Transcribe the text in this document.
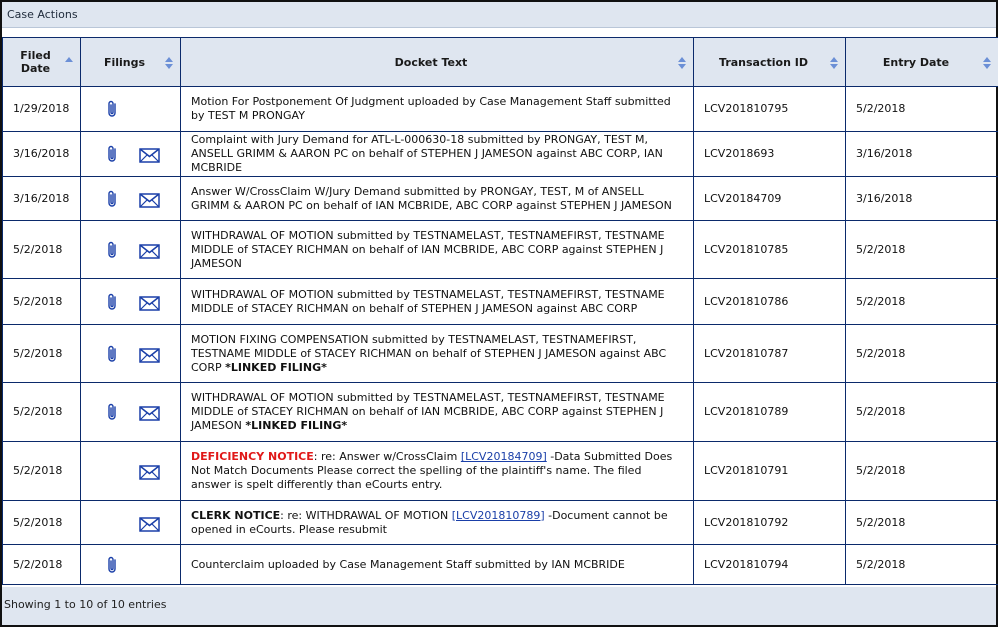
Case Actions
Filed Date	Filings	Docket Text	Transaction ID	Entry Date

1/29/2018		Motion For Postponement Of Judgment uploaded by Case Management Staff submitted by TEST M PRONGAY	LCV201810795	5/2/2018
3/16/2018		Complaint with Jury Demand for ATL-L-000630-18 submitted by PRONGAY, TEST M, ANSELL GRIMM & AARON PC on behalf of STEPHEN J JAMESON against ABC CORP, IAN MCBRIDE	LCV2018693	3/16/2018
3/16/2018		Answer W/CrossClaim W/Jury Demand submitted by PRONGAY, TEST, M of ANSELL GRIMM & AARON PC on behalf of IAN MCBRIDE, ABC CORP against STEPHEN J JAMESON	LCV20184709	3/16/2018
5/2/2018		WITHDRAWAL OF MOTION submitted by TESTNAMELAST, TESTNAMEFIRST, TESTNAME MIDDLE of STACEY RICHMAN on behalf of IAN MCBRIDE, ABC CORP against STEPHEN J JAMESON	LCV201810785	5/2/2018
5/2/2018		WITHDRAWAL OF MOTION submitted by TESTNAMELAST, TESTNAMEFIRST, TESTNAME MIDDLE of STACEY RICHMAN on behalf of STEPHEN J JAMESON against ABC CORP	LCV201810786	5/2/2018
5/2/2018		MOTION FIXING COMPENSATION submitted by TESTNAMELAST, TESTNAMEFIRST, TESTNAME MIDDLE of STACEY RICHMAN on behalf of STEPHEN J JAMESON against ABC CORP *LINKED FILING*	LCV201810787	5/2/2018
5/2/2018		WITHDRAWAL OF MOTION submitted by TESTNAMELAST, TESTNAMEFIRST, TESTNAME MIDDLE of STACEY RICHMAN on behalf of IAN MCBRIDE, ABC CORP against STEPHEN J JAMESON *LINKED FILING*	LCV201810789	5/2/2018
5/2/2018		DEFICIENCY NOTICE: re: Answer w/CrossClaim [LCV20184709] -Data Submitted Does Not Match Documents Please correct the spelling of the plaintiff's name. The filed answer is spelt differently than eCourts entry.	LCV201810791	5/2/2018
5/2/2018		CLERK NOTICE: re: WITHDRAWAL OF MOTION [LCV201810789] -Document cannot be opened in eCourts. Please resubmit	LCV201810792	5/2/2018
5/2/2018		Counterclaim uploaded by Case Management Staff submitted by IAN MCBRIDE	LCV201810794	5/2/2018
Showing 1 to 10 of 10 entries
